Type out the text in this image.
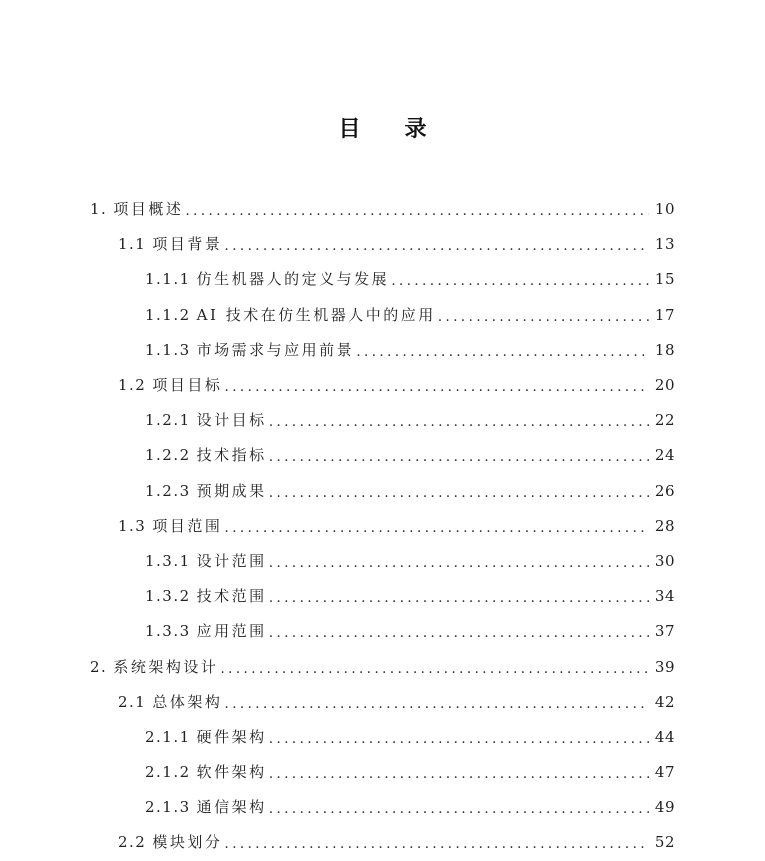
目 录
1. 项目概述 . . .	10
1.1 项目背景 . . .	13
1.1.1 仿生机器人的定义与发展 . . .	15
1.1.2 AI 技术在仿生机器人中的应用 . . .	17
1.1.3 市场需求与应用前景 . . .	18
1.2 项目目标 . . .	20
1.2.1 设计目标 . . .	22
1.2.2 技术指标 . . .	24
1.2.3 预期成果 . . .	26
1.3 项目范围 . . .	28
1.3.1 设计范围 . . .	30
1.3.2 技术范围 . . .	34
1.3.3 应用范围 . . .	37
2. 系统架构设计 . . .	39
2.1 总体架构 . . .	42
2.1.1 硬件架构 . . .	44
2.1.2 软件架构 . . .	47
2.1.3 通信架构 . . .	49
2.2 模块划分 . . .	52
